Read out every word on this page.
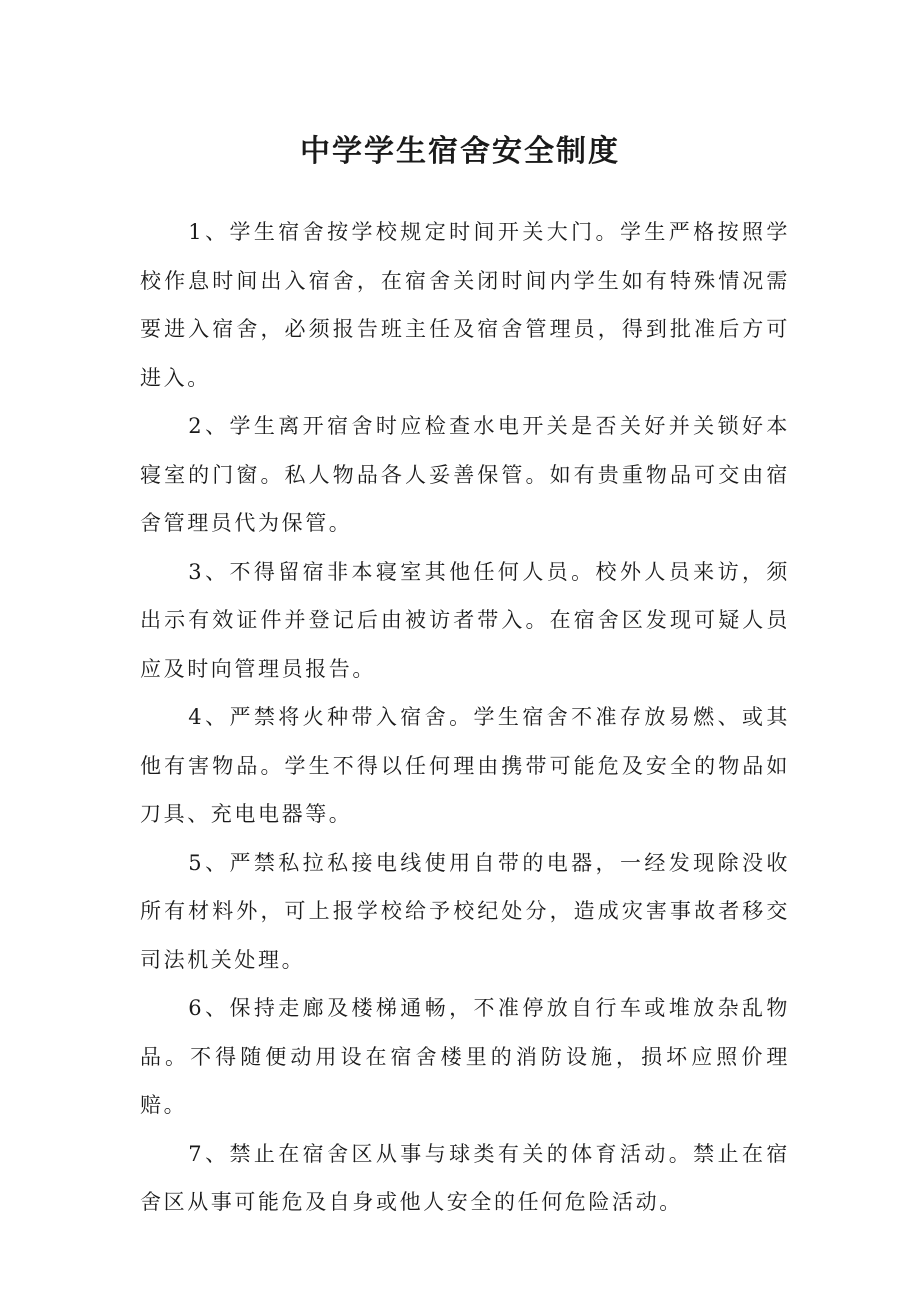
中学学生宿舍安全制度

1、学生宿舍按学校规定时间开关大门。学生严格按照学校作息时间出入宿舍，在宿舍关闭时间内学生如有特殊情况需要进入宿舍，必须报告班主任及宿舍管理员，得到批准后方可进入。

2、学生离开宿舍时应检查水电开关是否关好并关锁好本寝室的门窗。私人物品各人妥善保管。如有贵重物品可交由宿舍管理员代为保管。

3、不得留宿非本寝室其他任何人员。校外人员来访，须出示有效证件并登记后由被访者带入。在宿舍区发现可疑人员应及时向管理员报告。

4、严禁将火种带入宿舍。学生宿舍不准存放易燃、或其他有害物品。学生不得以任何理由携带可能危及安全的物品如刀具、充电电器等。

5、严禁私拉私接电线使用自带的电器，一经发现除没收所有材料外，可上报学校给予校纪处分，造成灾害事故者移交司法机关处理。

6、保持走廊及楼梯通畅，不准停放自行车或堆放杂乱物品。不得随便动用设在宿舍楼里的消防设施，损坏应照价理赔。

7、禁止在宿舍区从事与球类有关的体育活动。禁止在宿舍区从事可能危及自身或他人安全的任何危险活动。
